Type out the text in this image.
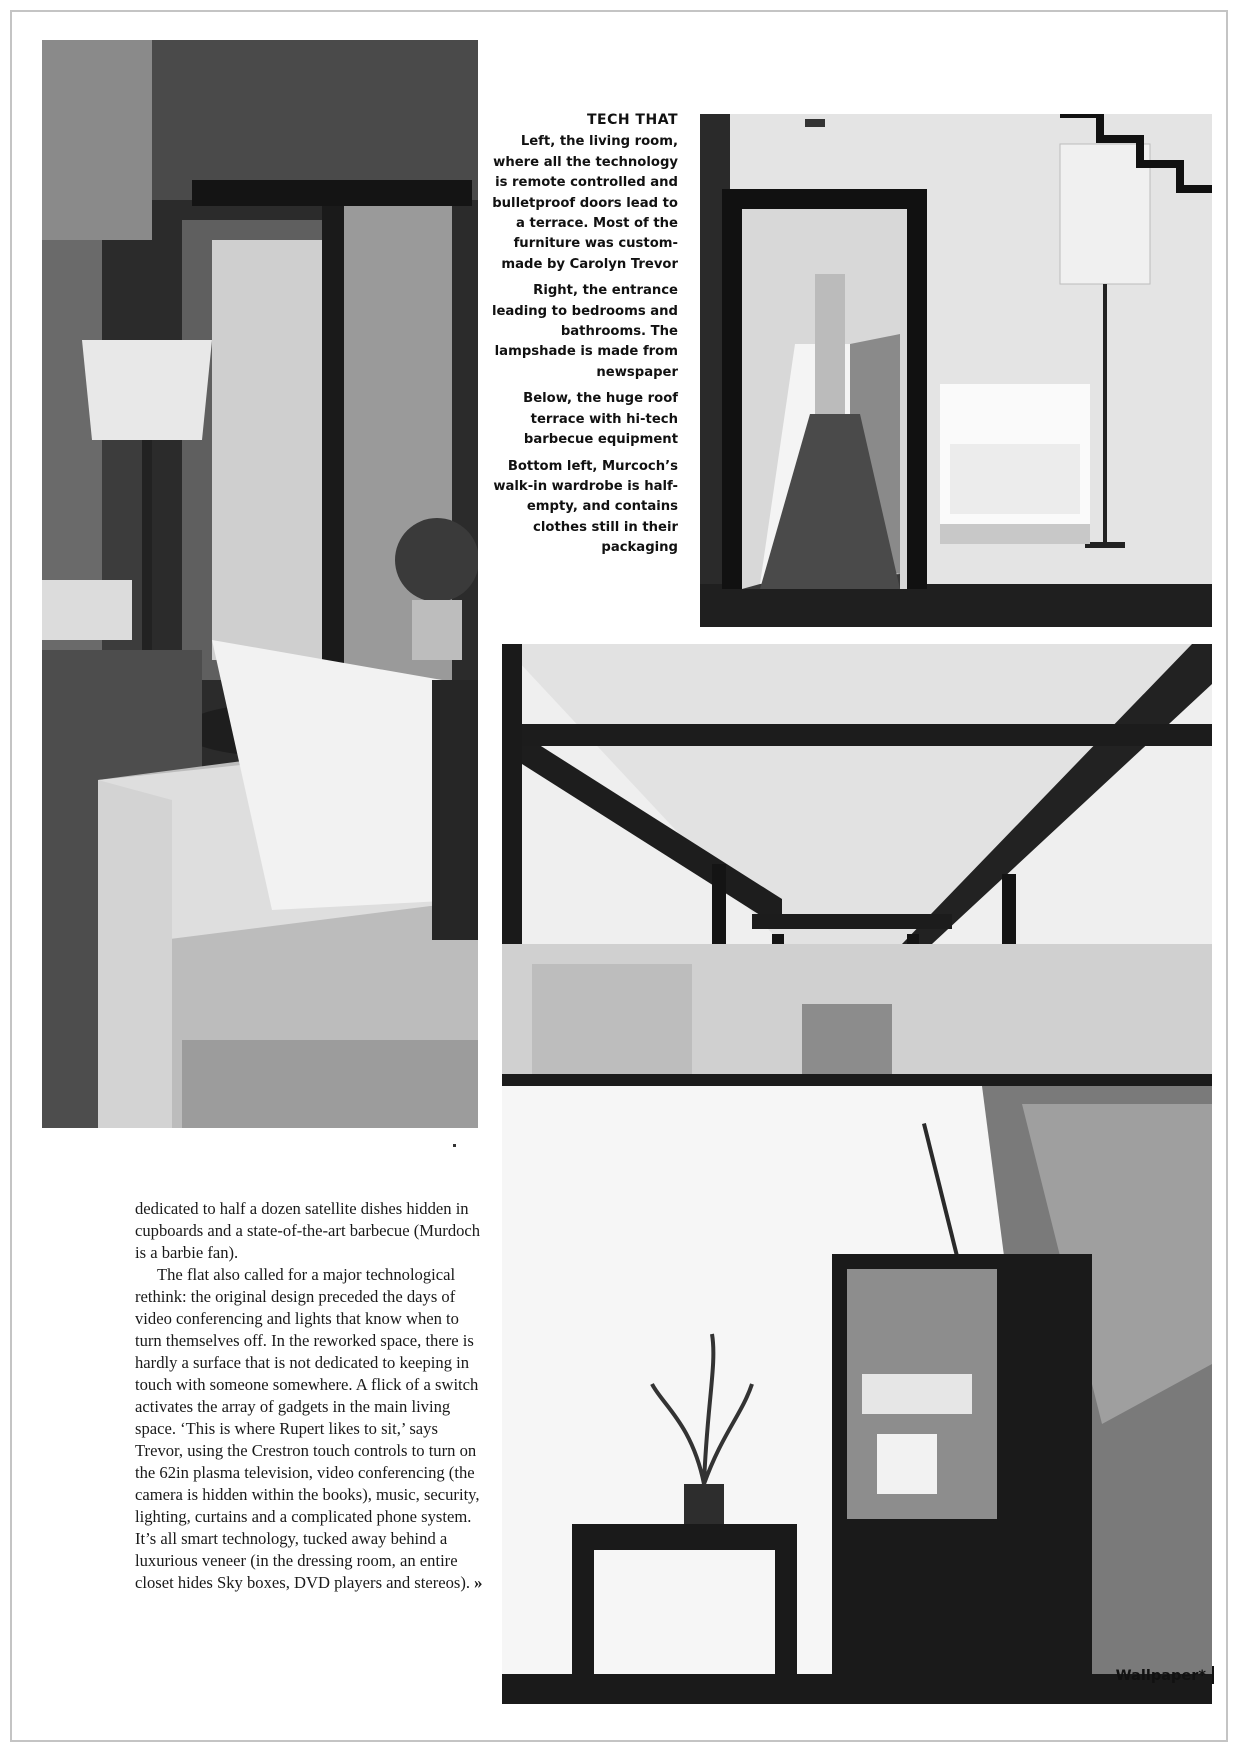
TECH THAT

Left, the living room, where all the technology is remote controlled and bulletproof doors lead to a terrace. Most of the furniture was custom-made by Carolyn Trevor

Right, the entrance leading to bedrooms and bathrooms. The lampshade is made from newspaper

Below, the huge roof terrace with hi-tech barbecue equipment

Bottom left, Murcoch’s walk-in wardrobe is half-empty, and contains clothes still in their packaging

dedicated to half a dozen satellite dishes hidden in cupboards and a state-of-the-art barbecue (Murdoch is a barbie fan).

The flat also called for a major technological rethink: the original design preceded the days of video conferencing and lights that know when to turn themselves off. In the reworked space, there is hardly a surface that is not dedicated to keeping in touch with someone somewhere. A flick of a switch activates the array of gadgets in the main living space. ‘This is where Rupert likes to sit,’ says Trevor, using the Crestron touch controls to turn on the 62in plasma television, video conferencing (the camera is hidden within the books), music, security, lighting, curtains and a complicated phone system. It’s all smart technology, tucked away behind a luxurious veneer (in the dressing room, an entire closet hides Sky boxes, DVD players and stereos). »

Wallpaper*
